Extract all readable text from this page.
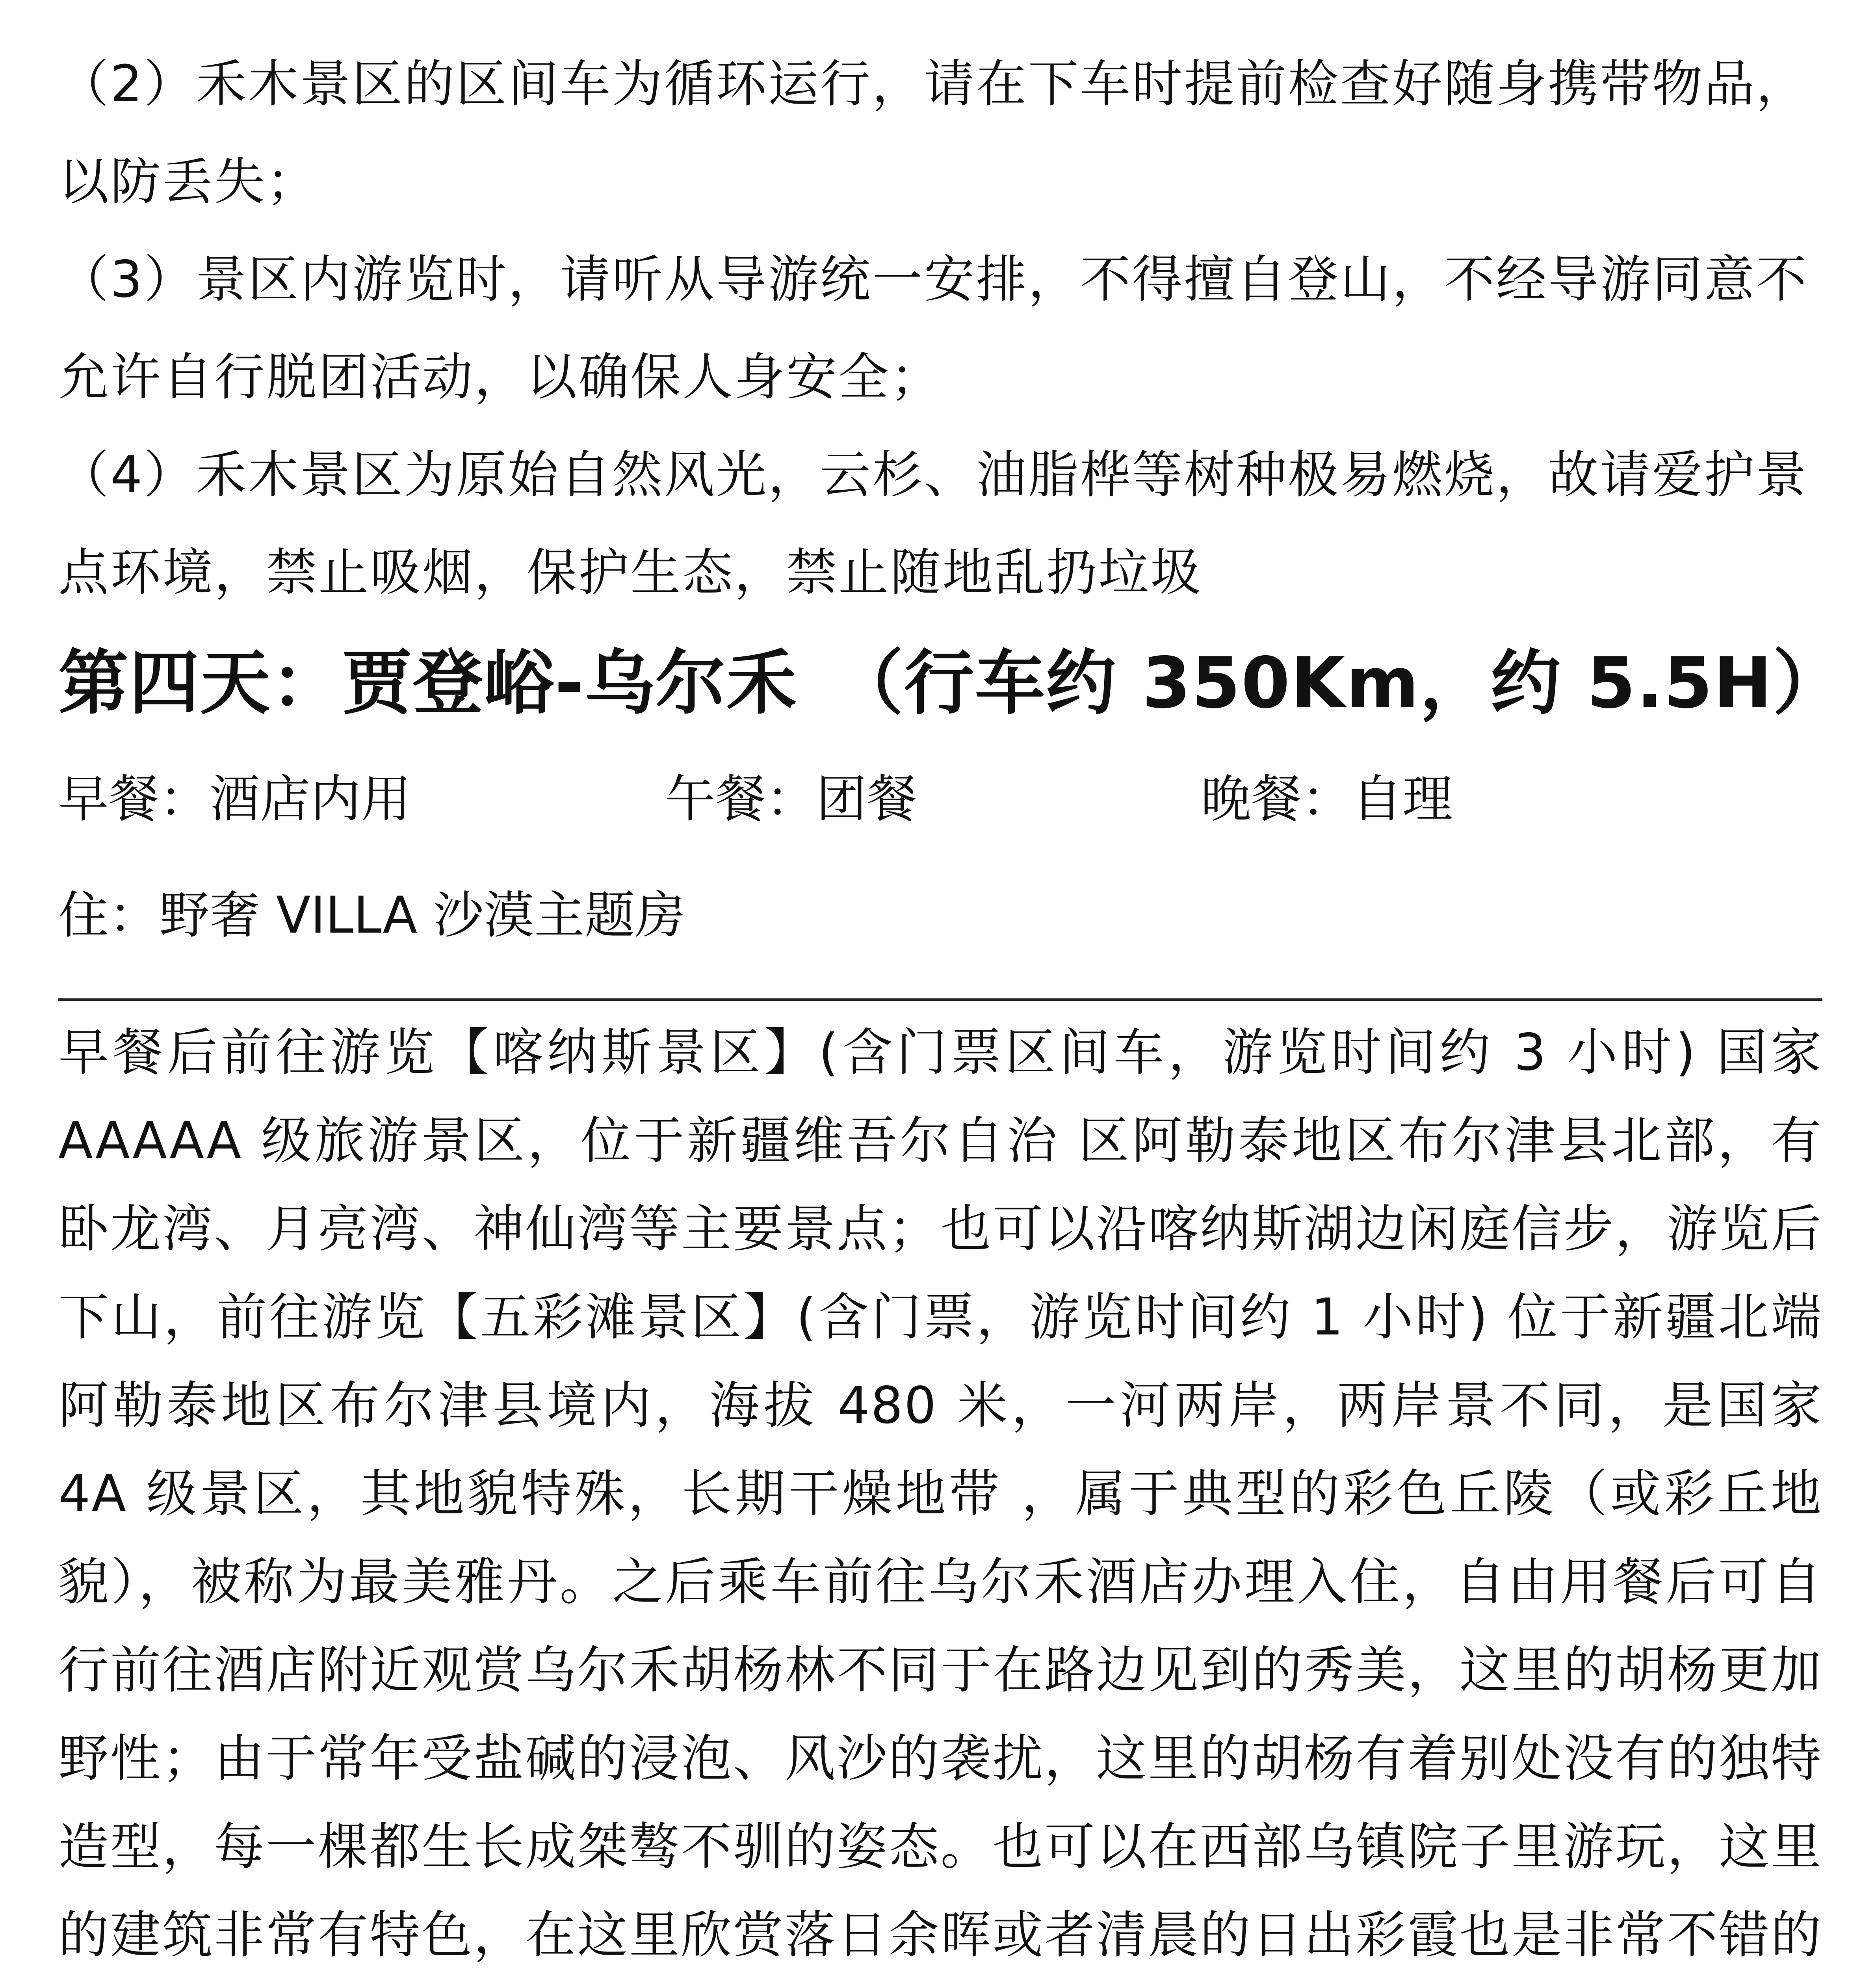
（2）禾木景区的区间车为循环运行，请在下车时提前检查好随身携带物品，以防丢失；

（3）景区内游览时，请听从导游统一安排，不得擅自登山，不经导游同意不允许自行脱团活动，以确保人身安全；

（4）禾木景区为原始自然风光，云杉、油脂桦等树种极易燃烧，故请爱护景点环境，禁止吸烟，保护生态，禁止随地乱扔垃圾

第四天：贾登峪-乌尔禾　（行车约 350Km，约 5.5H）
早餐：酒店内用	午餐：团餐	晚餐：自理
住：野奢 VILLA 沙漠主题房

早餐后前往游览【喀纳斯景区】(含门票区间车，游览时间约 3 小时) 国家 AAAAA 级旅游景区，位于新疆维吾尔自治 区阿勒泰地区布尔津县北部，有卧龙湾、月亮湾、神仙湾等主要景点；也可以沿喀纳斯湖边闲庭信步，游览后下山，前往游览【五彩滩景区】(含门票，游览时间约 1 小时) 位于新疆北端阿勒泰地区布尔津县境内，海拔 480 米，一河两岸，两岸景不同，是国家 4A 级景区，其地貌特殊，长期干燥地带 ，属于典型的彩色丘陵（或彩丘地貌），被称为最美雅丹。之后乘车前往乌尔禾酒店办理入住，自由用餐后可自行前往酒店附近观赏乌尔禾胡杨林不同于在路边见到的秀美，这里的胡杨更加野性；由于常年受盐碱的浸泡、风沙的袭扰，这里的胡杨有着别处没有的独特造型，每一棵都生长成桀骜不驯的姿态。也可以在西部乌镇院子里游玩，这里的建筑非常有特色，在这里欣赏落日余晖或者清晨的日出彩霞也是非常不错的
